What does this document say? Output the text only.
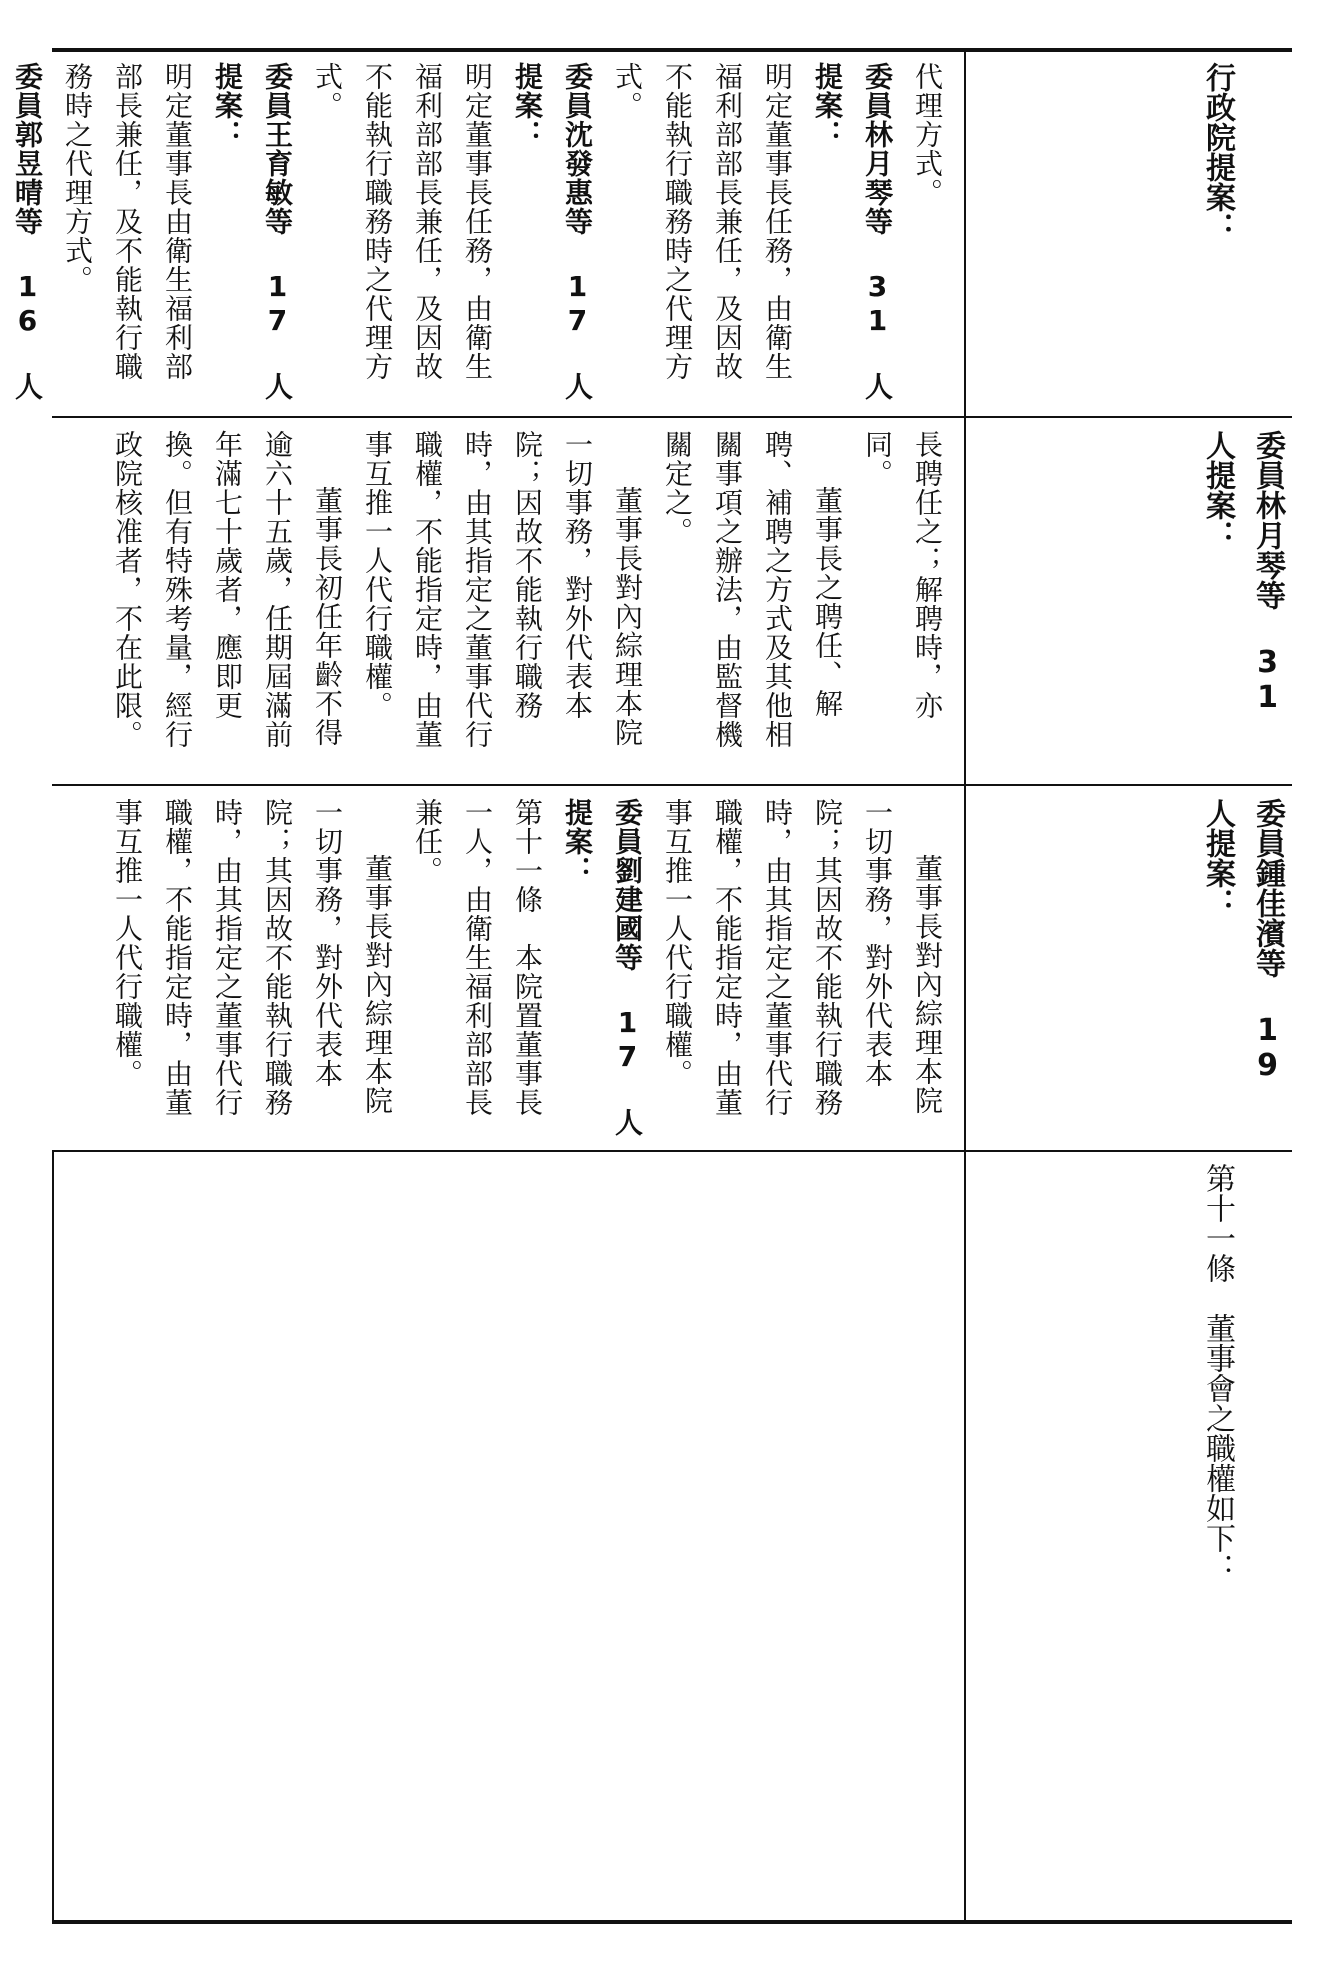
第十一條　董事會之職權如下：
委員鍾佳濱等 19 人提案：
委員林月琴等 31 人提案：
行政院提案：

董事長對內綜理本院一切事務，對外代表本院；其因故不能執行職務時，由其指定之董事代行職權，不能指定時，由董事互推一人代行職權。

委員劉建國等 17 人提案：

第十一條　本院置董事長一人，由衛生福利部部長兼任。

董事長對內綜理本院一切事務，對外代表本院；其因故不能執行職務時，由其指定之董事代行職權，不能指定時，由董事互推一人代行職權。

長聘任之；解聘時，亦同。

董事長之聘任、解聘、補聘之方式及其他相關事項之辦法，由監督機關定之。

董事長對內綜理本院一切事務，對外代表本院；因故不能執行職務時，由其指定之董事代行職權，不能指定時，由董事互推一人代行職權。

董事長初任年齡不得逾六十五歲，任期屆滿前年滿七十歲者，應即更換。但有特殊考量，經行政院核准者，不在此限。

代理方式。

委員林月琴等 31 人提案：

明定董事長任務，由衛生福利部部長兼任，及因故不能執行職務時之代理方式。

委員沈發惠等 17 人提案：

明定董事長任務，由衛生福利部部長兼任，及因故不能執行職務時之代理方式。

委員王育敏等 17 人提案：

明定董事長由衛生福利部部長兼任，及不能執行職務時之代理方式。

委員郭昱晴等 16 人
